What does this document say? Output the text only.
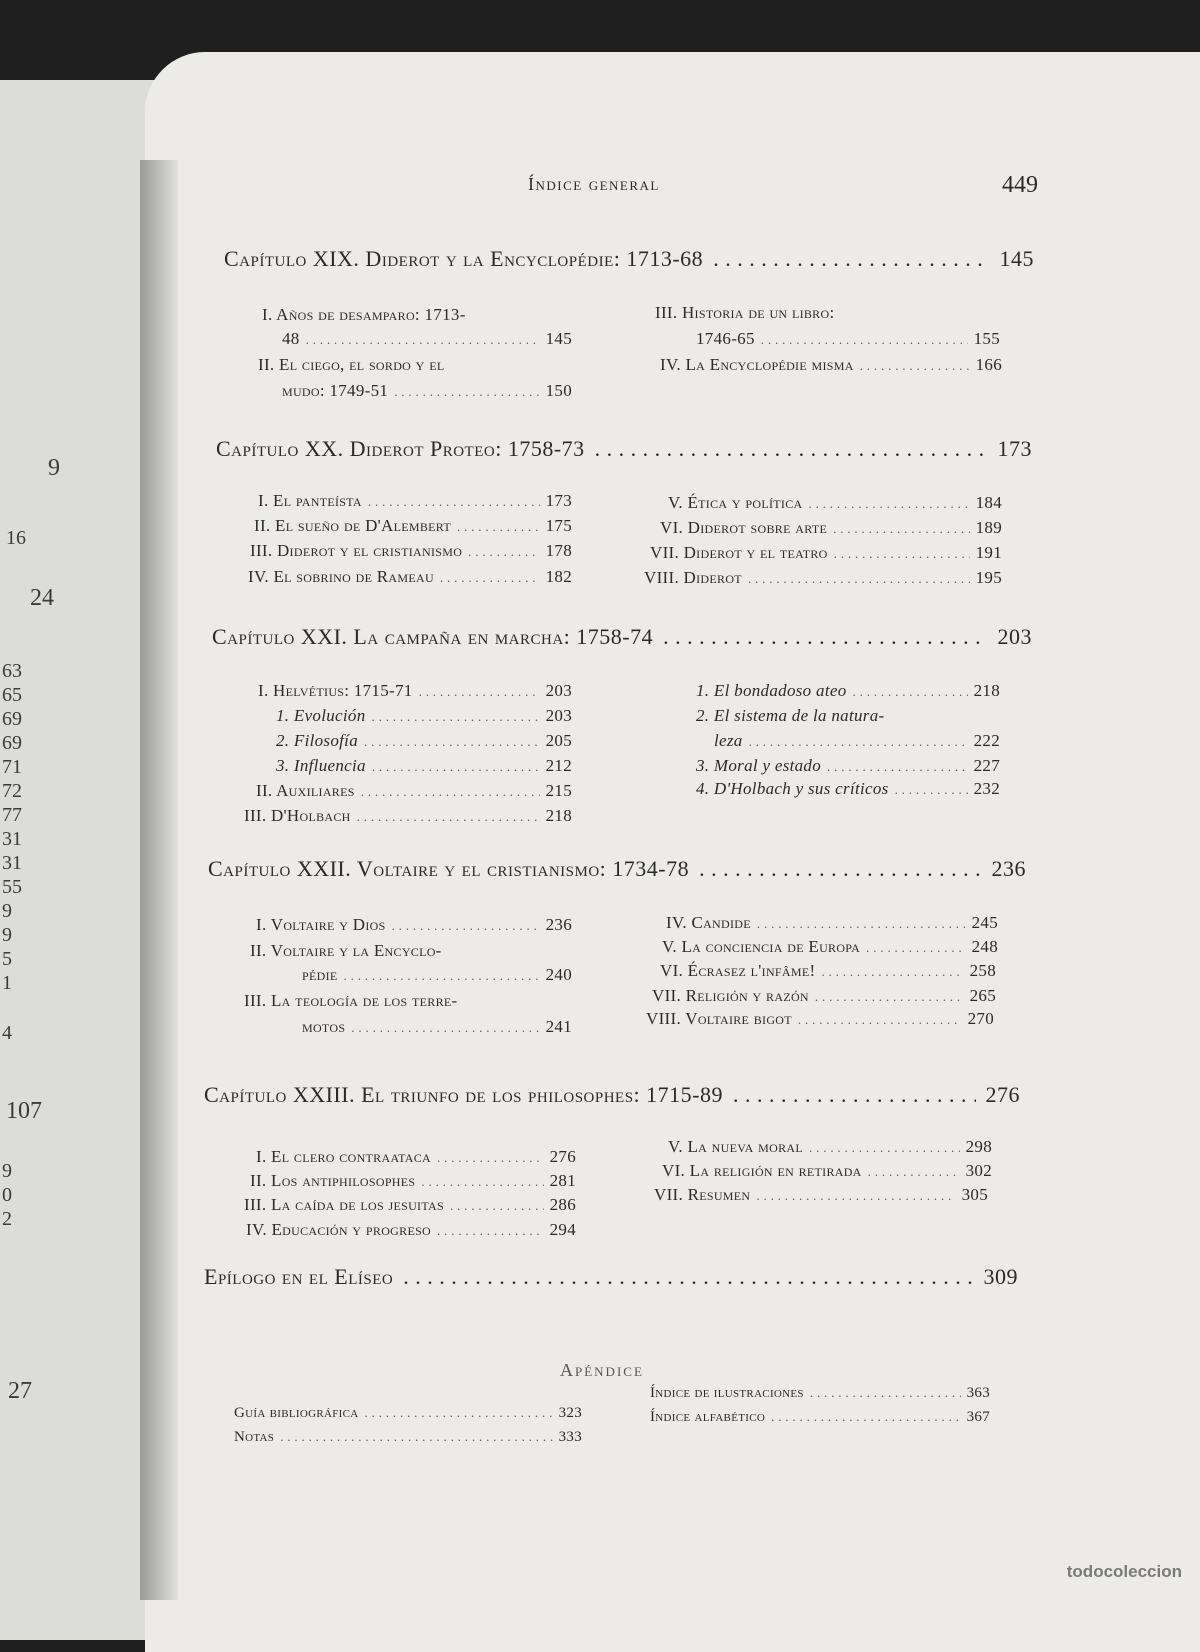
9
16
24
63
65
69
69
71
72
77
31
31
55
9
9
5
1
4
107
9
0
2
27
Índice general	449
Capítulo XIX. Diderot y la Encyclopédie: 1713-68 . . .	145
I. Años de desamparo: 1713-
48 . . .	145
II. El ciego, el sordo y el
mudo: 1749-51 . . .	150
III. Historia de un libro:
1746-65 . . .	155
IV. La Encyclopédie misma . . .	166
Capítulo XX. Diderot Proteo: 1758-73 . . .	173
I. El panteísta . . .	173
II. El sueño de D'Alembert . . .	175
III. Diderot y el cristianismo . . .	178
IV. El sobrino de Rameau . . .	182
V. Ética y política . . .	184
VI. Diderot sobre arte . . .	189
VII. Diderot y el teatro . . .	191
VIII. Diderot . . .	195
Capítulo XXI. La campaña en marcha: 1758-74 . . .	203
I. Helvétius: 1715-71 . . .	203
1. Evolución . . .	203
2. Filosofía . . .	205
3. Influencia . . .	212
II. Auxiliares . . .	215
III. D'Holbach . . .	218
1. El bondadoso ateo . . .	218
2. El sistema de la natura-
leza . . .	222
3. Moral y estado . . .	227
4. D'Holbach y sus críticos . . .	232
Capítulo XXII. Voltaire y el cristianismo: 1734-78 . . .	236
I. Voltaire y Dios . . .	236
II. Voltaire y la Encyclo-
pédie . . .	240
III. La teología de los terre-
motos . . .	241
IV. Candide . . .	245
V. La conciencia de Europa . . .	248
VI. Écrasez l'infâme! . . .	258
VII. Religión y razón . . .	265
VIII. Voltaire bigot . . .	270
Capítulo XXIII. El triunfo de los philosophes: 1715-89 . . .	276
I. El clero contraataca . . .	276
II. Los antiphilosophes . . .	281
III. La caída de los jesuitas . . .	286
IV. Educación y progreso . . .	294
V. La nueva moral . . .	298
VI. La religión en retirada . . .	302
VII. Resumen . . .	305
Epílogo en el Elíseo . . .	309
Apéndice
Guía bibliográfica . . .	323
Notas . . .	333
Índice de ilustraciones . . .	363
Índice alfabético . . .	367
todocoleccion
